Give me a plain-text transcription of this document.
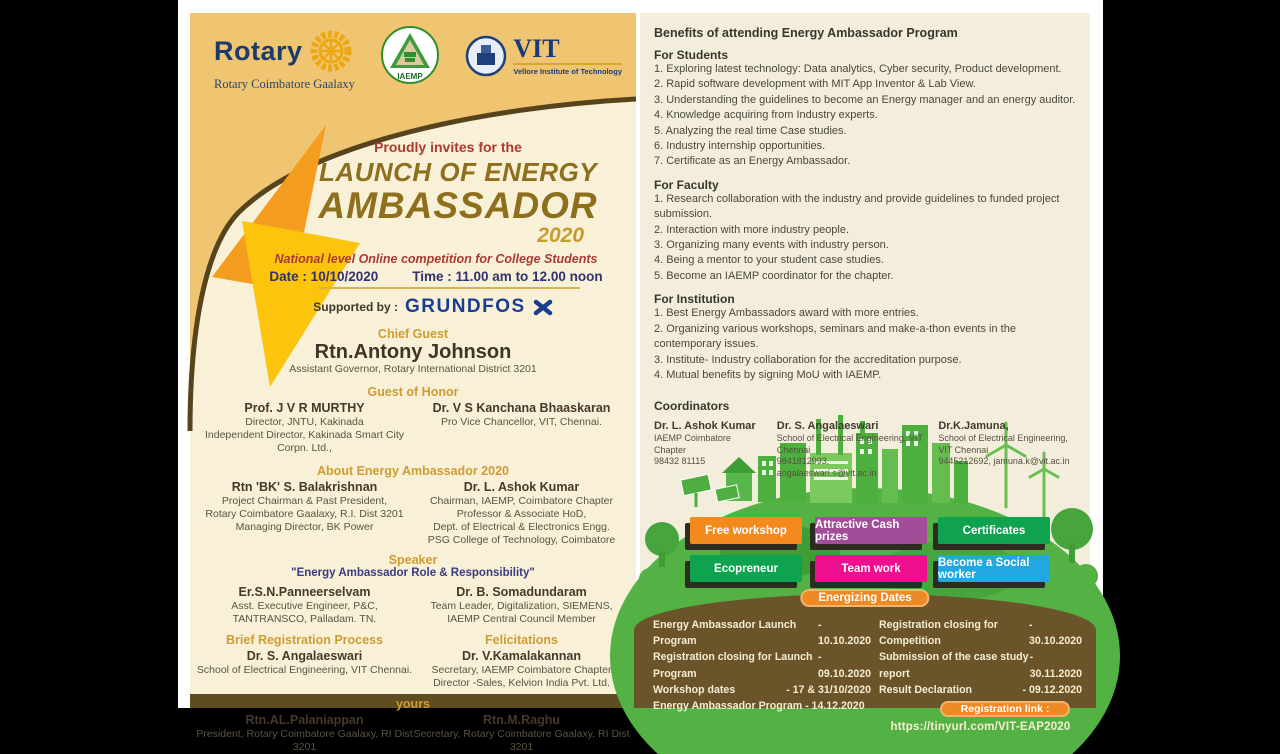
Rotary
Rotary Coimbatore Gaalaxy
IAEMP
VIT
Vellore Institute of Technology
Proudly invites for the
LAUNCH OF ENERGY
AMBASSADOR
2020
National level Online competition for College Students
Date : 10/10/2020	Time : 11.00 am to 12.00 noon
Supported by : GRUNDFOS
Chief Guest
Rtn.Antony Johnson
Assistant Governor, Rotary International District 3201
Guest of Honor
Prof. J V R MURTHY
Director, JNTU, Kakinada
Independent Director, Kakinada Smart City Corpn. Ltd.,
Dr. V S Kanchana Bhaaskaran
Pro Vice Chancellor, VIT, Chennai.
About Energy Ambassador 2020
Rtn 'BK' S. Balakrishnan
Project Chairman & Past President,
Rotary Coimbatore Gaalaxy, R.I. Dist 3201
Managing Director, BK Power
Dr. L. Ashok Kumar
Chairman, IAEMP, Coimbatore Chapter
Professor & Associate HoD,
Dept. of Electrical & Electronics Engg.
PSG College of Technology, Coimbatore
Speaker
"Energy Ambassador Role & Responsibility"
Er.S.N.Panneerselvam
Asst. Executive Engineer, P&C,
TANTRANSCO, Palladam. TN.
Dr. B. Somadundaram
Team Leader, Digitalization, SIEMENS,
IAEMP Central Council Member
Brief Registration Process
Dr. S. Angalaeswari
School of Electrical Engineering, VIT Chennai.
Felicitations
Dr. V.Kamalakannan
Secretary, IAEMP Coimbatore Chapter
Director -Sales, Kelvion India Pvt. Ltd.
yours
Rtn.AL.Palaniappan
President, Rotary Coimbatore Gaalaxy, RI Dist 3201
Rtn.M.Raghu
Secretary, Rotary Coimbatore Gaalaxy, RI Dist 3201
Benefits of attending Energy Ambassador Program
For Students
1. Exploring latest technology: Data analytics, Cyber security, Product development.
2. Rapid software development with MIT App Inventor & Lab View.
3. Understanding the guidelines to become an Energy manager and an energy auditor.
4. Knowledge acquiring from Industry experts.
5. Analyzing the real time Case studies.
6. Industry internship opportunities.
7. Certificate as an Energy Ambassador.
For Faculty
1. Research collaboration with the industry and provide guidelines to funded project submission.
2. Interaction with more industry people.
3. Organizing many events with industry person.
4. Being a mentor to your student case studies.
5. Become an IAEMP coordinator for the chapter.
For Institution
1. Best Energy Ambassadors award with more entries.
2. Organizing various workshops, seminars and make-a-thon events in the contemporary issues.
3. Institute- Industry collaboration for the accreditation purpose.
4. Mutual benefits by signing MoU with IAEMP.
Coordinators
Dr. L. Ashok Kumar
IAEMP Coimbatore Chapter
98432 81115
Dr. S. Angalaeswari
School of Electrical Engineering, VIT Chennai
9841812993, angalaeswari.s@vit.ac.in
Dr.K.Jamuna,
School of Electrical Engineering, VIT Chennai
9445212692, jamuna.k@vit.ac.in
Free workshop	Attractive Cash prizes	Certificates
Ecopreneur	Team work	Become a Social worker
Energizing Dates
Energy Ambassador Launch Program
- 10.10.2020
Registration closing for Launch Program
- 09.10.2020
Workshop dates	- 17 & 31/10/2020
Energy Ambassador Program - 14.12.2020
Registration closing for Competition
- 30.10.2020
Submission of the case study report
- 30.11.2020
Result Declaration	- 09.12.2020
Registration link :
https://tinyurl.com/VIT-EAP2020
